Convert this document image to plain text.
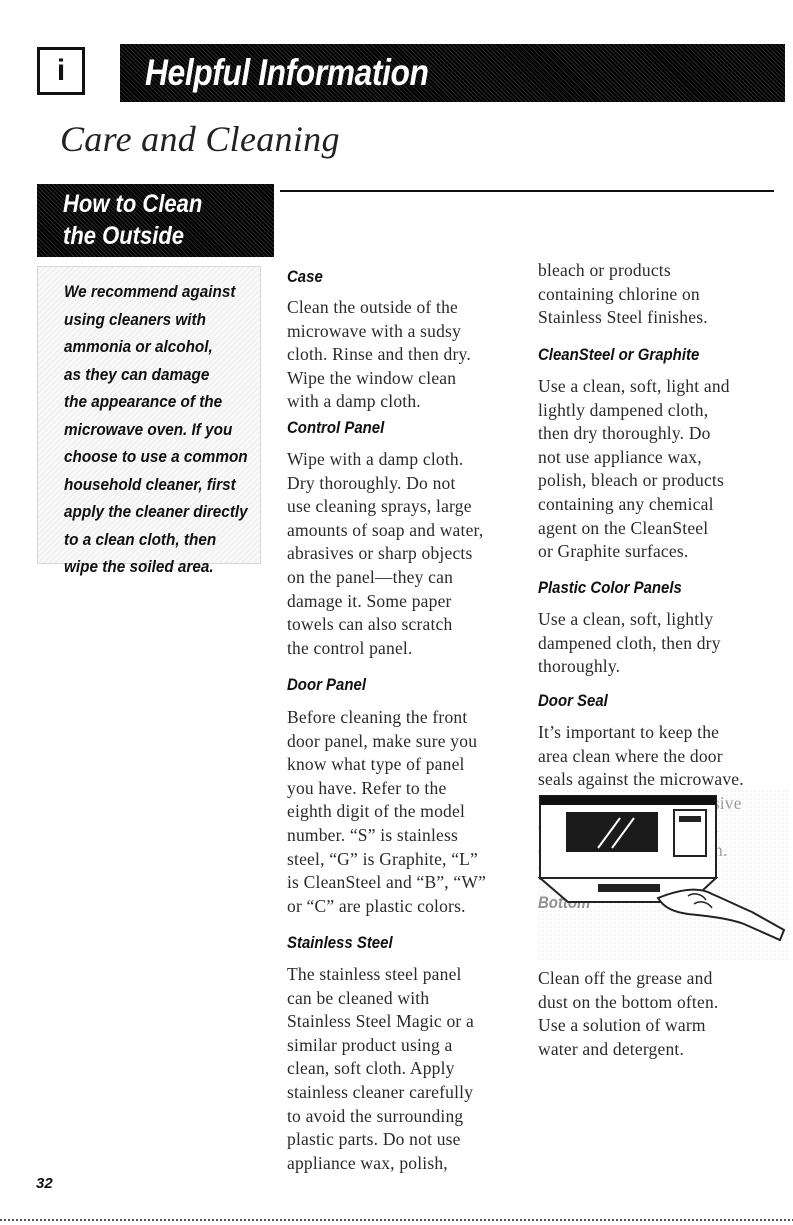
i Helpful Information
Care and Cleaning
How to Clean
the Outside
We recommend against
using cleaners with
ammonia or alcohol,
as they can damage
the appearance of the
microwave oven. If you
choose to use a common
household cleaner, first
apply the cleaner directly
to a clean cloth, then
wipe the soiled area.
Case
Clean the outside of the
microwave with a sudsy
cloth. Rinse and then dry.
Wipe the window clean
with a damp cloth.
Control Panel
Wipe with a damp cloth.
Dry thoroughly. Do not
use cleaning sprays, large
amounts of soap and water,
abrasives or sharp objects
on the panel—they can
damage it. Some paper
towels can also scratch
the control panel.
Door Panel
Before cleaning the front
door panel, make sure you
know what type of panel
you have. Refer to the
eighth digit of the model
number. “S” is stainless
steel, “G” is Graphite, “L”
is CleanSteel and “B”, “W”
or “C” are plastic colors.
Stainless Steel
The stainless steel panel
can be cleaned with
Stainless Steel Magic or a
similar product using a
clean, soft cloth. Apply
stainless cleaner carefully
to avoid the surrounding
plastic parts. Do not use
appliance wax, polish,
bleach or products
containing chlorine on
Stainless Steel finishes.
CleanSteel or Graphite
Use a clean, soft, light and
lightly dampened cloth,
then dry thoroughly. Do
not use appliance wax,
polish, bleach or products
containing any chemical
agent on the CleanSteel
or Graphite surfaces.
Plastic Color Panels
Use a clean, soft, lightly
dampened cloth, then dry
thoroughly.
Door Seal
It’s important to keep the
area clean where the door
seals against the microwave.
Clean off the grease and
dust on the bottom often.
Use a solution of warm
water and detergent.
32
